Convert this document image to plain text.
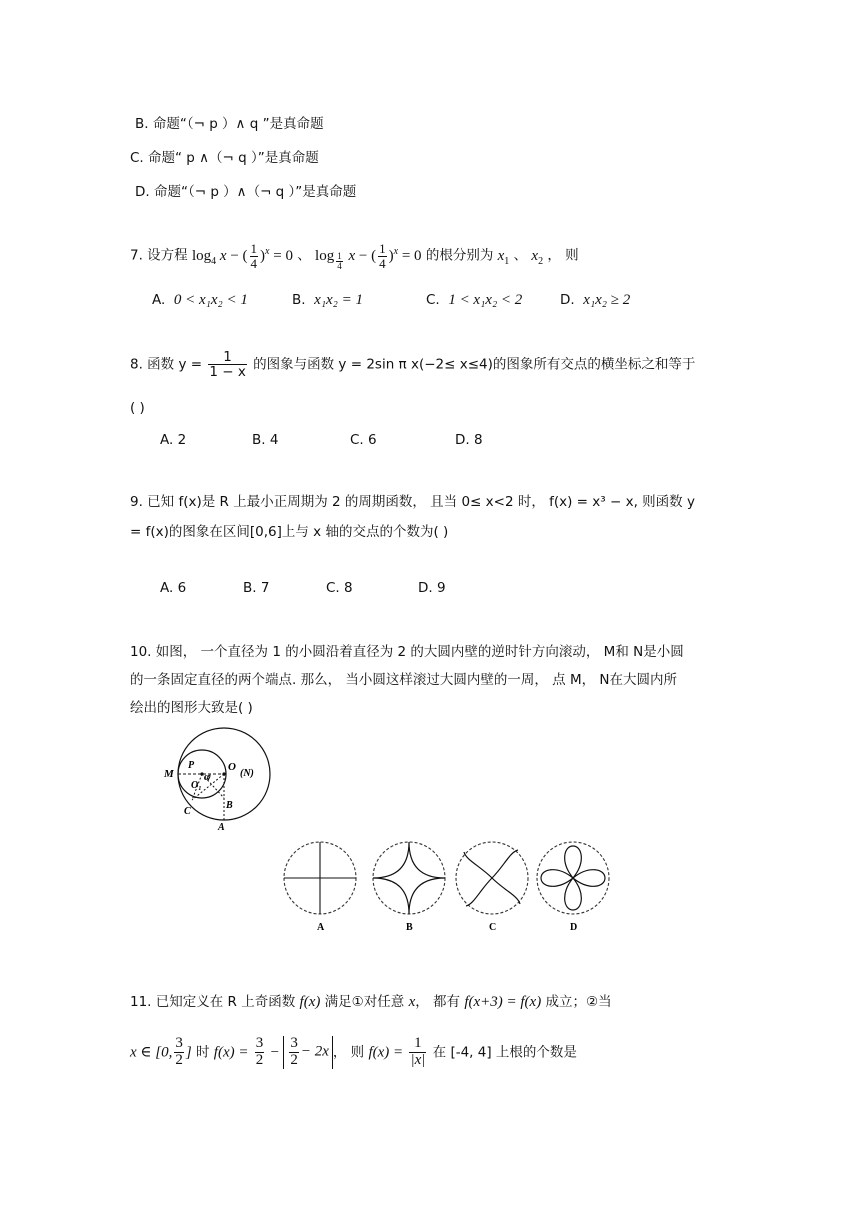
B. 命题“（¬ p ）∧ q ”是真命题
C. 命题“ p ∧（¬ q ）”是真命题
D. 命题“（¬ p ）∧（¬ q ）”是真命题
7. 设方程 $\log_4 x$ − ( $\frac{1}{4} )^x = 0$ 、 log $_{\frac{1}{4}}$ x − ( $\frac{1}{4} )^x = 0$ 的根分别为 $x_1$ 、 $x_2$ ， 则
A. 0 < x₁x₂ < 1	B. x₁x₂ = 1	C. 1 < x₁x₂ < 2	D. x₁x₂ ≥ 2
8. 函数 $y = \frac{1}{1 - x}$ 的图象与函数 y = 2sin π x(−2≤ x≤4)的图象所有交点的横坐标之和等于
( )
A. 2	B. 4	C. 6	D. 8
9. 已知 f(x)是 R 上最小正周期为 2 的周期函数， 且当 0≤ x<2 时， f(x) = x³ − x, 则函数 y
= f(x)的图象在区间[0,6]上与 x 轴的交点的个数为( )
A. 6	B. 7	C. 8	D. 9
10. 如图， 一个直径为 1 的小圆沿着直径为 2 的大圆内壁的逆时针方向滚动， M和 N是小圆
的一条固定直径的两个端点. 那么， 当小圆这样滚过大圆内壁的一周， 点 M， N在大圆内所
绘出的图形大致是( )
M
P	O
(N)
O₁
α
B
C
A
A	B	C	D
11. 已知定义在 R 上奇函数 f(x) 满足①对任意 x， 都有 f(x+3) = f(x) 成立；②当
x ∈ [0, $\frac{3}{2}$ ] 时 $f(x) = \frac{3}{2} - \frac{3}{2} - 2x$ ， 则 $f(x) = \frac{1}{|x|}$ 在 [-4, 4] 上根的个数是
